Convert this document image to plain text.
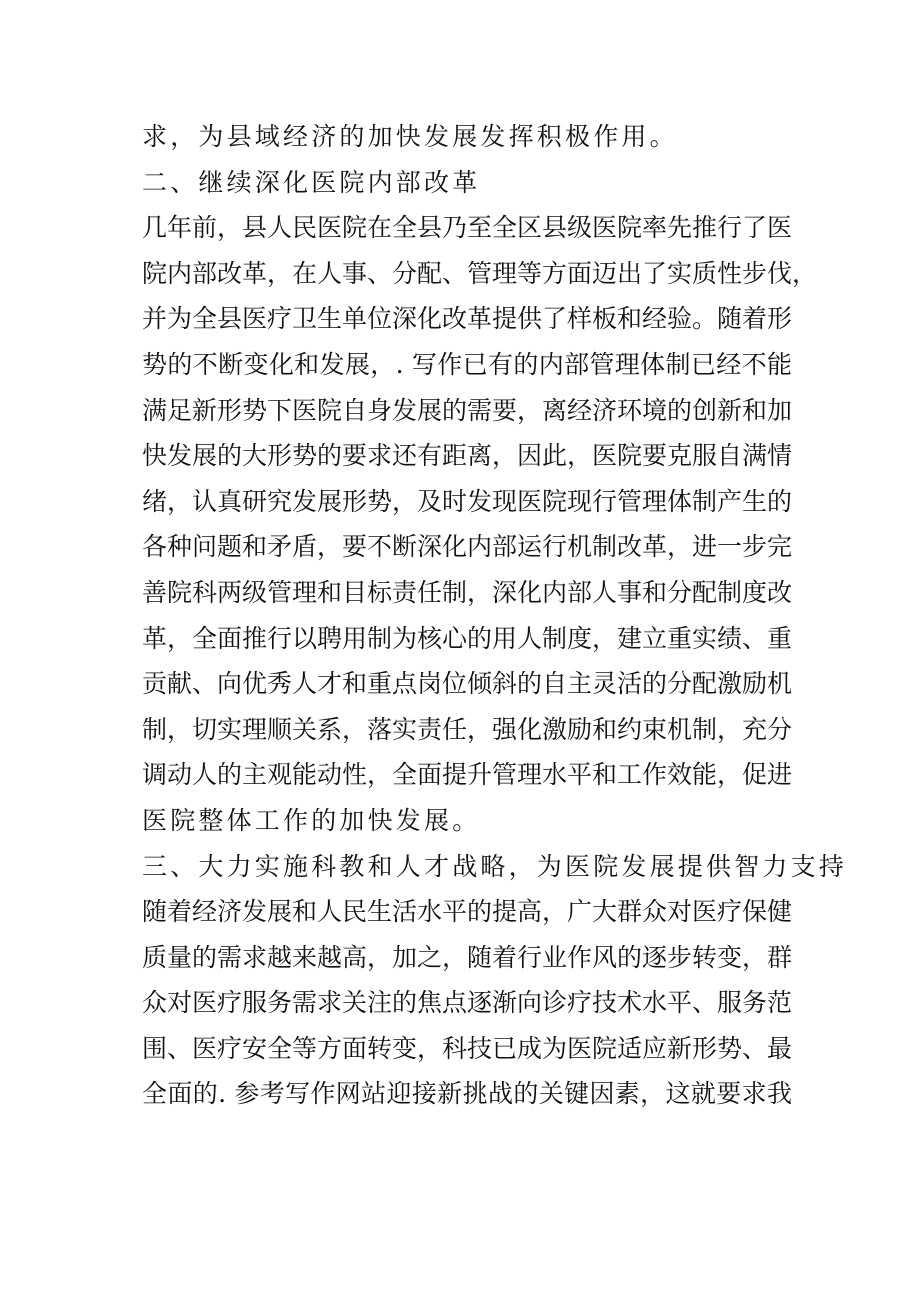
求，为县域经济的加快发展发挥积极作用。
二、继续深化医院内部改革
几年前，县人民医院在全县乃至全区县级医院率先推行了医
院内部改革，在人事、分配、管理等方面迈出了实质性步伐，
并为全县医疗卫生单位深化改革提供了样板和经验。随着形
势的不断变化和发展，. 写作已有的内部管理体制已经不能
满足新形势下医院自身发展的需要，离经济环境的创新和加
快发展的大形势的要求还有距离，因此，医院要克服自满情
绪，认真研究发展形势，及时发现医院现行管理体制产生的
各种问题和矛盾，要不断深化内部运行机制改革，进一步完
善院科两级管理和目标责任制，深化内部人事和分配制度改
革，全面推行以聘用制为核心的用人制度，建立重实绩、重
贡献、向优秀人才和重点岗位倾斜的自主灵活的分配激励机
制，切实理顺关系，落实责任，强化激励和约束机制，充分
调动人的主观能动性，全面提升管理水平和工作效能，促进
医院整体工作的加快发展。
三、大力实施科教和人才战略，为医院发展提供智力支持
随着经济发展和人民生活水平的提高，广大群众对医疗保健
质量的需求越来越高，加之，随着行业作风的逐步转变，群
众对医疗服务需求关注的焦点逐渐向诊疗技术水平、服务范
围、医疗安全等方面转变，科技已成为医院适应新形势、最
全面的. 参考写作网站迎接新挑战的关键因素，这就要求我
